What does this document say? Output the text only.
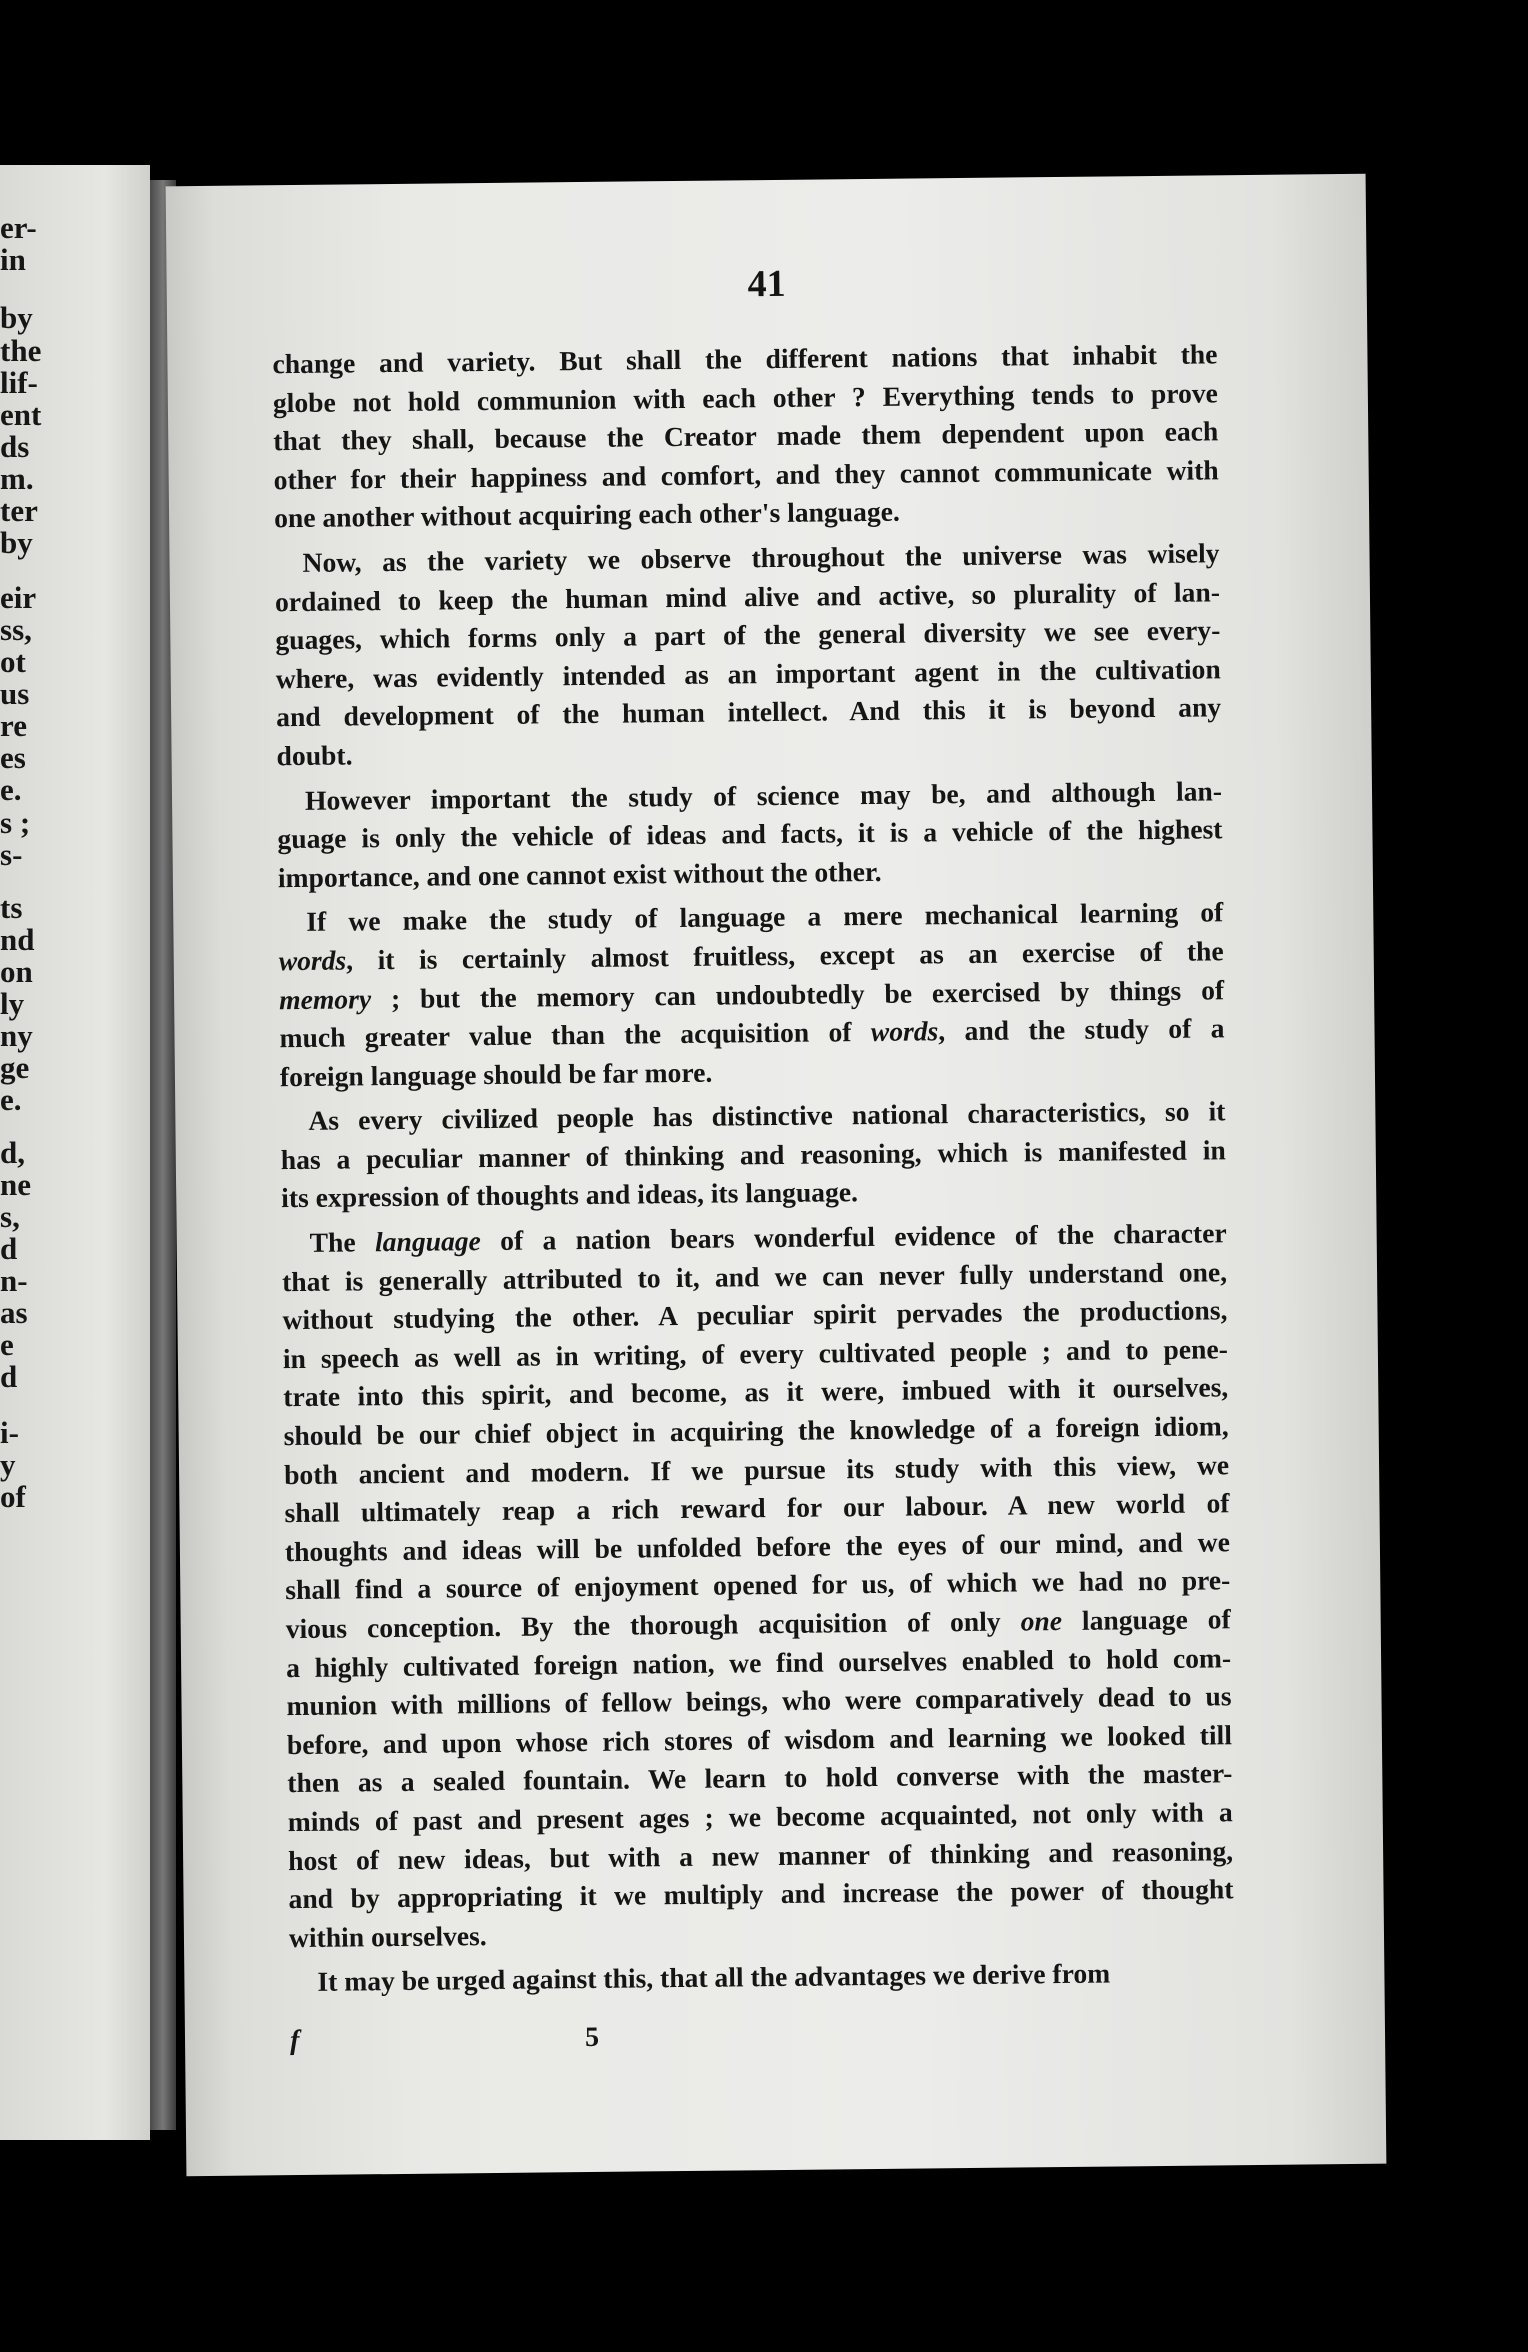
er-
in
by
the
lif-
ent
ds
m.
ter
by
eir
ss,
ot
us
re
es
e.
s ;
s-
ts
nd
on
ly
ny
ge
e.
d,
ne
s,
d
n-
as
e
d
i-
y
of
41
change and variety. But shall the different nations that inhabit the
globe not hold communion with each other ? Everything tends to prove
that they shall, because the Creator made them dependent upon each
other for their happiness and comfort, and they cannot communicate with
one another without acquiring each other's language.
Now, as the variety we observe throughout the universe was wisely
ordained to keep the human mind alive and active, so plurality of lan-
guages, which forms only a part of the general diversity we see every-
where, was evidently intended as an important agent in the cultivation
and development of the human intellect. And this it is beyond any
doubt.
However important the study of science may be, and although lan-
guage is only the vehicle of ideas and facts, it is a vehicle of the highest
importance, and one cannot exist without the other.
If we make the study of language a mere mechanical learning of
words, it is certainly almost fruitless, except as an exercise of the
memory ; but the memory can undoubtedly be exercised by things of
much greater value than the acquisition of words, and the study of a
foreign language should be far more.
As every civilized people has distinctive national characteristics, so it
has a peculiar manner of thinking and reasoning, which is manifested in
its expression of thoughts and ideas, its language.
The language of a nation bears wonderful evidence of the character
that is generally attributed to it, and we can never fully understand one,
without studying the other. A peculiar spirit pervades the productions,
in speech as well as in writing, of every cultivated people ; and to pene-
trate into this spirit, and become, as it were, imbued with it ourselves,
should be our chief object in acquiring the knowledge of a foreign idiom,
both ancient and modern. If we pursue its study with this view, we
shall ultimately reap a rich reward for our labour. A new world of
thoughts and ideas will be unfolded before the eyes of our mind, and we
shall find a source of enjoyment opened for us, of which we had no pre-
vious conception. By the thorough acquisition of only one language of
a highly cultivated foreign nation, we find ourselves enabled to hold com-
munion with millions of fellow beings, who were comparatively dead to us
before, and upon whose rich stores of wisdom and learning we looked till
then as a sealed fountain. We learn to hold converse with the master-
minds of past and present ages ; we become acquainted, not only with a
host of new ideas, but with a new manner of thinking and reasoning,
and by appropriating it we multiply and increase the power of thought
within ourselves.
It may be urged against this, that all the advantages we derive from
f	5
